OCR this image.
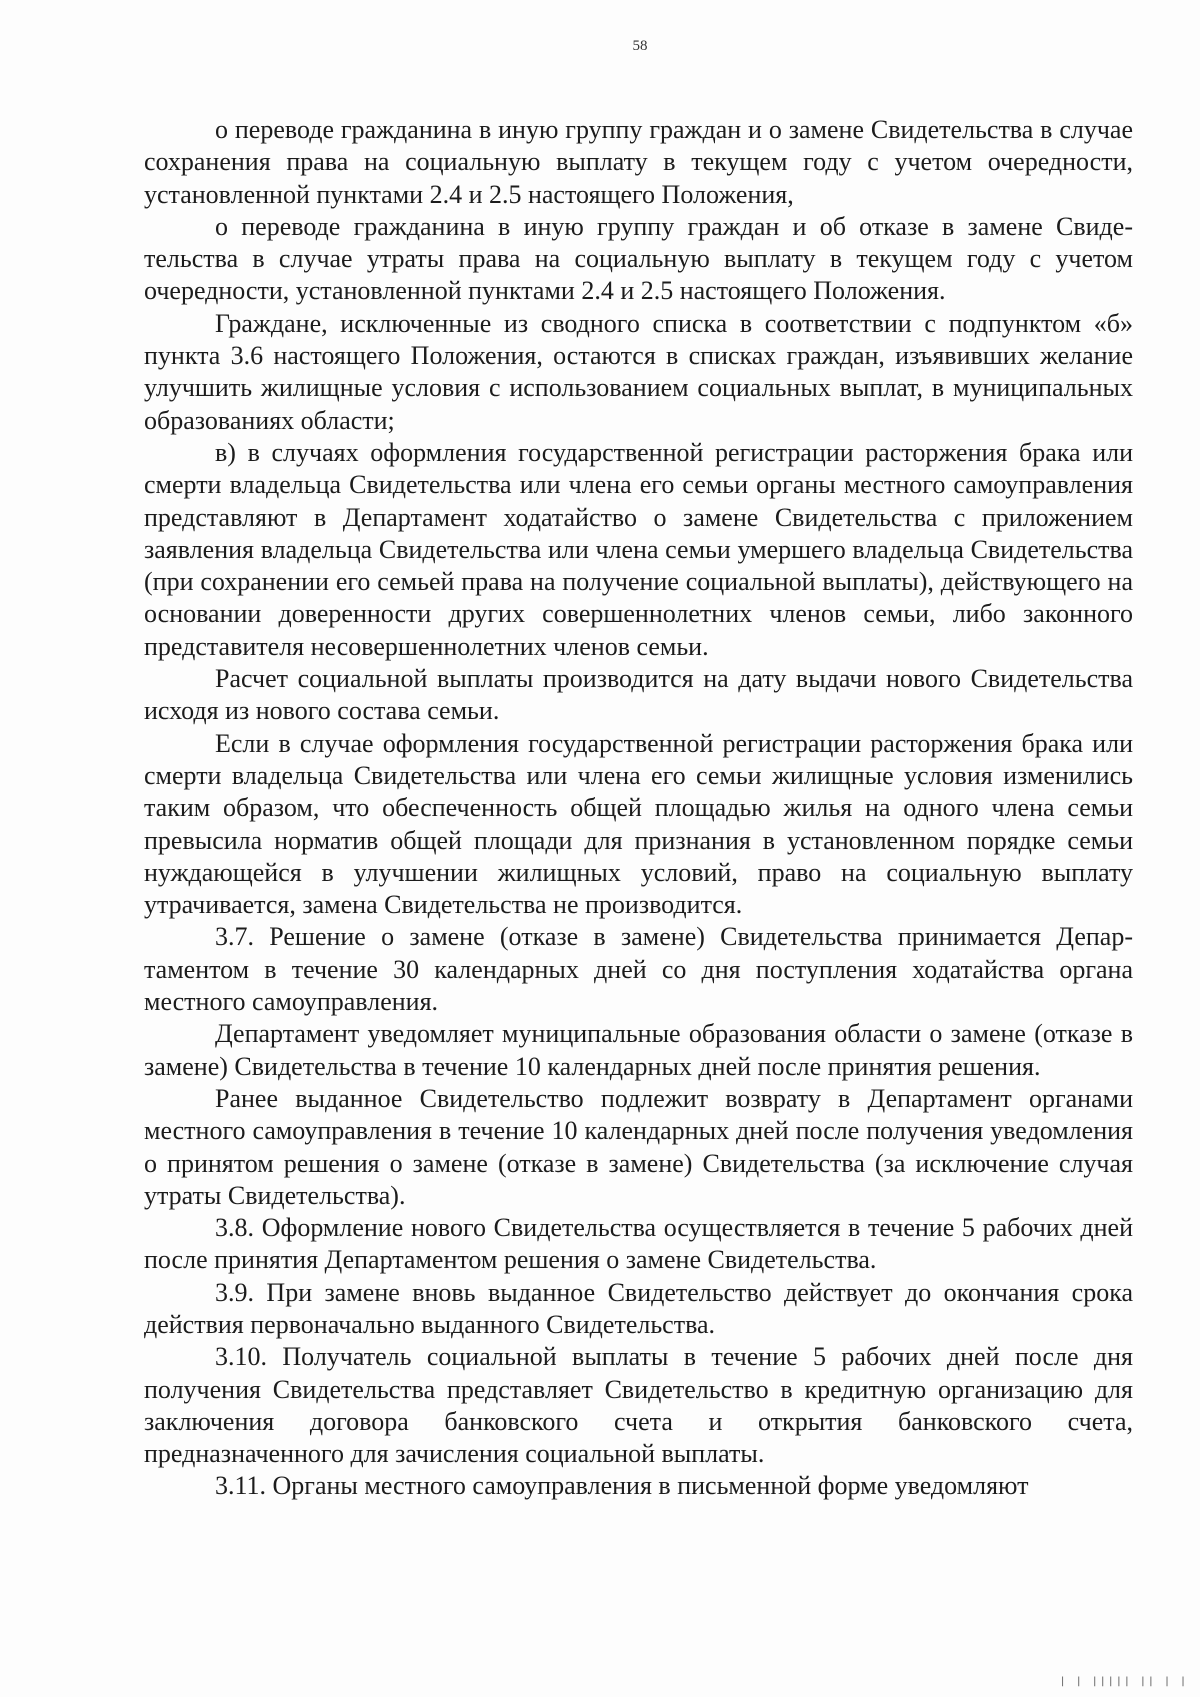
58

о переводе гражданина в иную группу граждан и о замене Свидетельства в случае сохранения права на социальную выплату в текущем году с учетом очередности, установленной пунктами 2.4 и 2.5 настоящего Положения,

о переводе гражданина в иную группу граждан и об отказе в замене Свидетельства в случае утраты права на социальную выплату в текущем году с учетом очередности, установленной пунктами 2.4 и 2.5 настоящего Положения.

Граждане, исключенные из сводного списка в соответствии с подпунктом «б» пункта 3.6 настоящего Положения, остаются в списках граждан, изъявивших желание улучшить жилищные условия с использованием социальных выплат, в муниципальных образованиях области;

в) в случаях оформления государственной регистрации расторжения брака или смерти владельца Свидетельства или члена его семьи органы местного самоуправления представляют в Департамент ходатайство о замене Свидетельства с приложением заявления владельца Свидетельства или члена семьи умершего владельца Свидетельства (при сохранении его семьей права на получение социальной выплаты), действующего на основании доверенности других совершеннолетних членов семьи, либо законного представителя несовершеннолетних членов семьи.

Расчет социальной выплаты производится на дату выдачи нового Свидетельства исходя из нового состава семьи.

Если в случае оформления государственной регистрации расторжения брака или смерти владельца Свидетельства или члена его семьи жилищные условия изменились таким образом, что обеспеченность общей площадью жилья на одного члена семьи превысила норматив общей площади для признания в установленном порядке семьи нуждающейся в улучшении жилищных условий, право на социальную выплату утрачивается, замена Свидетельства не производится.

3.7. Решение о замене (отказе в замене) Свидетельства принимается Департаментом в течение 30 календарных дней со дня поступления ходатайства органа местного самоуправления.

Департамент уведомляет муниципальные образования области о замене (отказе в замене) Свидетельства в течение 10 календарных дней после принятия решения.

Ранее выданное Свидетельство подлежит возврату в Департамент органами местного самоуправления в течение 10 календарных дней после получения уведомления о принятом решения о замене (отказе в замене) Свидетельства (за исключение случая утраты Свидетельства).

3.8. Оформление нового Свидетельства осуществляется в течение 5 рабочих дней после принятия Департаментом решения о замене Свидетельства.

3.9. При замене вновь выданное Свидетельство действует до окончания срока действия первоначально выданного Свидетельства.

3.10. Получатель социальной выплаты в течение 5 рабочих дней после дня получения Свидетельства представляет Свидетельство в кредитную организацию для заключения договора банковского счета и открытия банковского счета, предназначенного для зачисления социальной выплаты.

3.11. Органы местного самоуправления в письменной форме уведомляют

| | ||||| || | |
